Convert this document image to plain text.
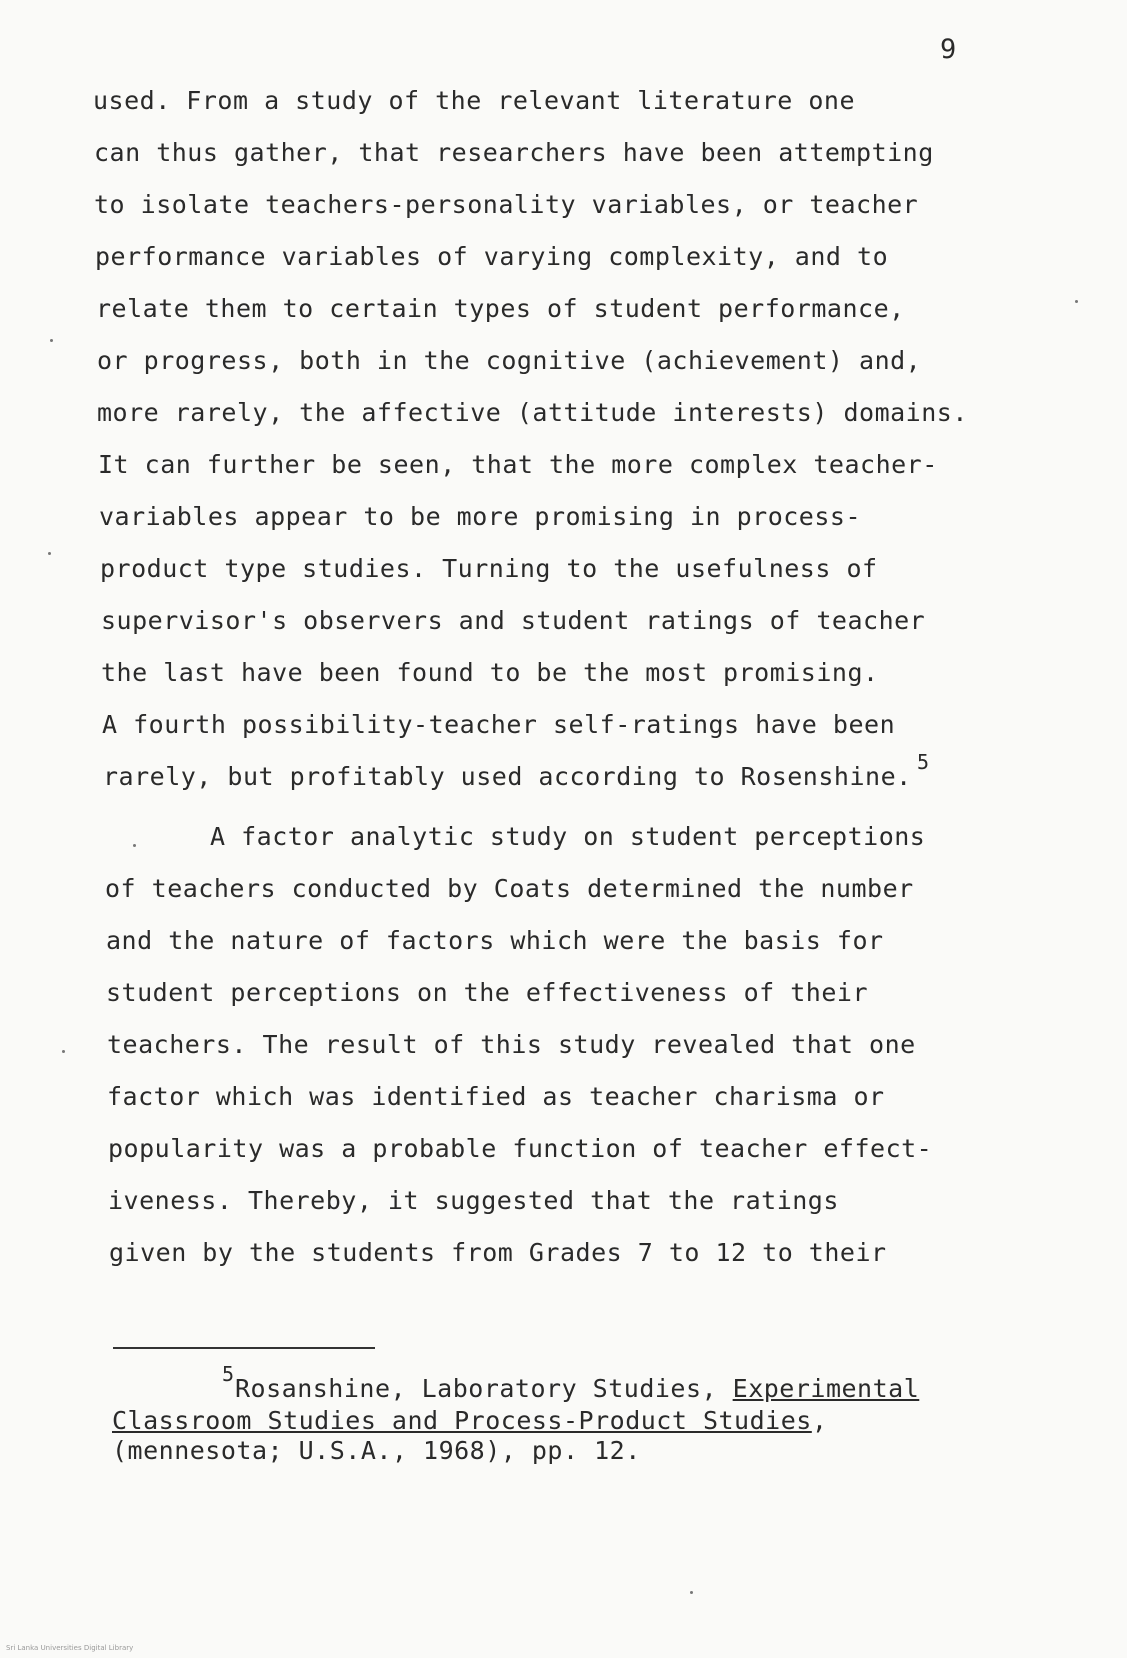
9
used. From a study of the relevant literature one
can thus gather, that researchers have been attempting
to isolate teachers-personality variables, or teacher
performance variables of varying complexity, and to
relate them to certain types of student performance,
or progress, both in the cognitive (achievement) and,
more rarely, the affective (attitude interests) domains.
It can further be seen, that the more complex teacher-
variables appear to be more promising in process-
product type studies. Turning to the usefulness of
supervisor's observers and student ratings of teacher
the last have been found to be the most promising.
A fourth possibility-teacher self-ratings have been
rarely, but profitably used according to Rosenshine. 5
A factor analytic study on student perceptions
of teachers conducted by Coats determined the number
and the nature of factors which were the basis for
student perceptions on the effectiveness of their
teachers. The result of this study revealed that one
factor which was identified as teacher charisma or
popularity was a probable function of teacher effect-
iveness. Thereby, it suggested that the ratings
given by the students from Grades 7 to 12 to their
5 Rosanshine, Laboratory Studies, Experimental
Classroom Studies and Process-Product Studies,
(mennesota; U.S.A., 1968), pp. 12.
Sri Lanka Universities Digital Library
